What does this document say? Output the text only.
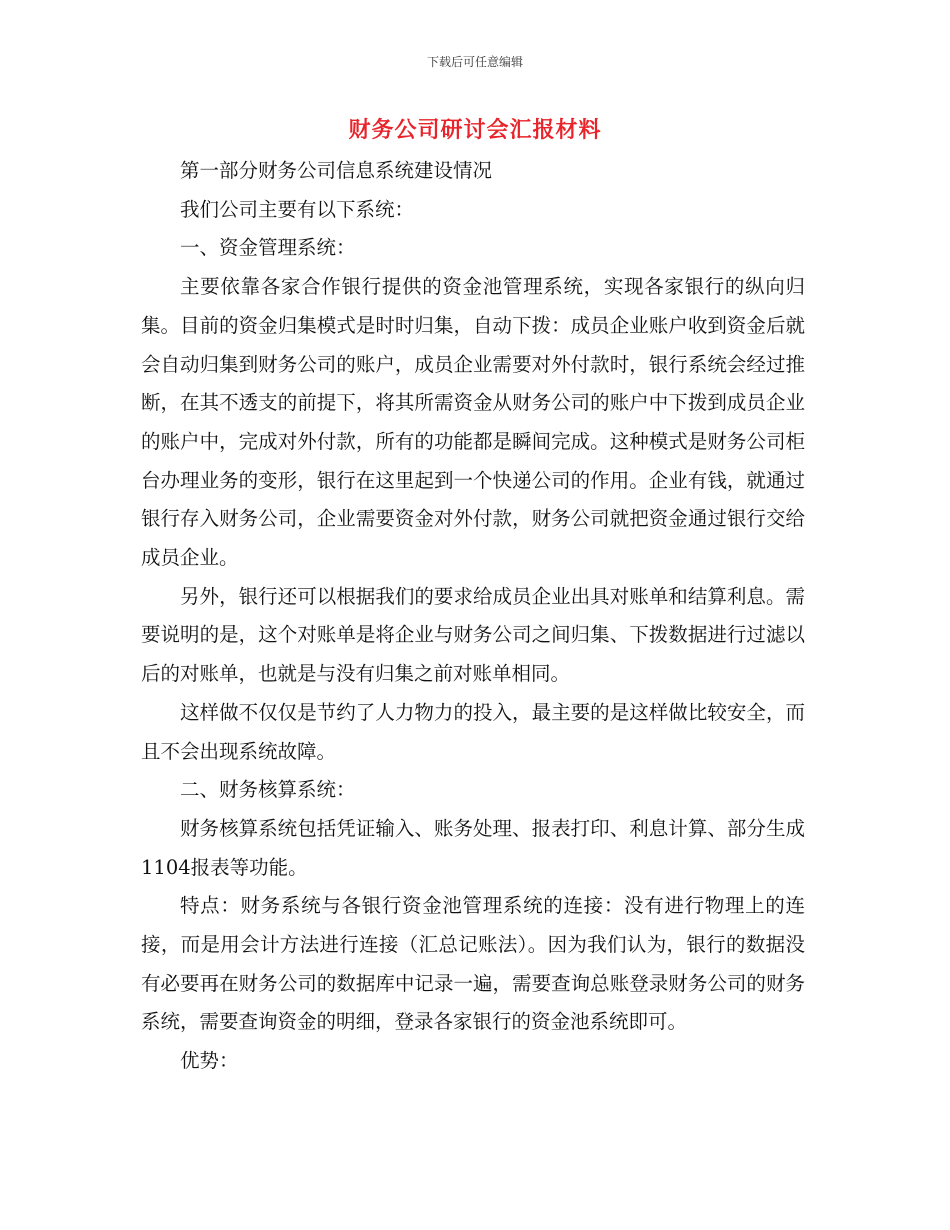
下载后可任意编辑
财务公司研讨会汇报材料

第一部分财务公司信息系统建设情况

我们公司主要有以下系统：

一、资金管理系统：

主要依靠各家合作银行提供的资金池管理系统，实现各家银行的纵向归集。目前的资金归集模式是时时归集，自动下拨：成员企业账户收到资金后就会自动归集到财务公司的账户，成员企业需要对外付款时，银行系统会经过推断，在其不透支的前提下，将其所需资金从财务公司的账户中下拨到成员企业的账户中，完成对外付款，所有的功能都是瞬间完成。这种模式是财务公司柜台办理业务的变形，银行在这里起到一个快递公司的作用。企业有钱，就通过银行存入财务公司，企业需要资金对外付款，财务公司就把资金通过银行交给成员企业。

另外，银行还可以根据我们的要求给成员企业出具对账单和结算利息。需要说明的是，这个对账单是将企业与财务公司之间归集、下拨数据进行过滤以后的对账单，也就是与没有归集之前对账单相同。

这样做不仅仅是节约了人力物力的投入，最主要的是这样做比较安全，而且不会出现系统故障。

二、财务核算系统：

财务核算系统包括凭证输入、账务处理、报表打印、利息计算、部分生成1104报表等功能。

特点：财务系统与各银行资金池管理系统的连接：没有进行物理上的连接，而是用会计方法进行连接（汇总记账法）。因为我们认为，银行的数据没有必要再在财务公司的数据库中记录一遍，需要查询总账登录财务公司的财务系统，需要查询资金的明细，登录各家银行的资金池系统即可。

优势：
